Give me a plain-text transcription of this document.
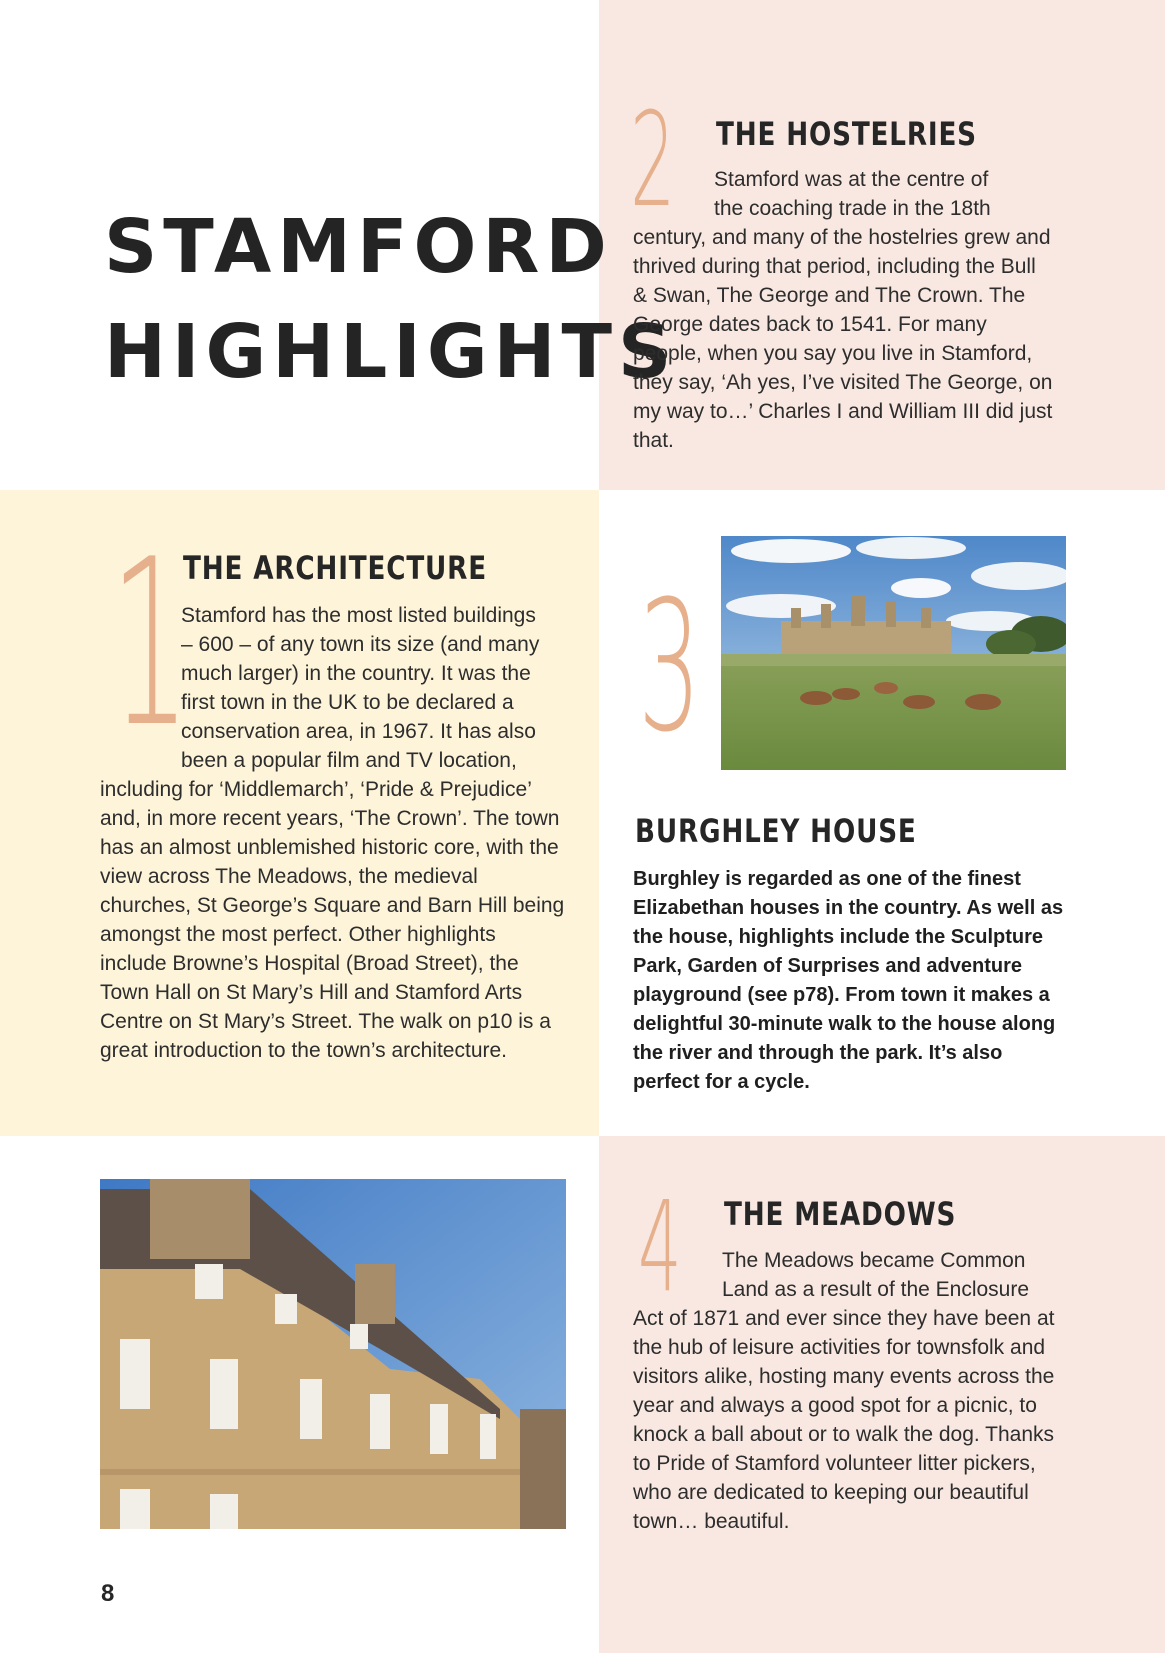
STAMFORD
HIGHLIGHTS
2 THE HOSTELRIES
Stamford was at the centre of
the coaching trade in the 18th

century, and many of the hostelries grew and thrived during that period, including the Bull & Swan, The George and The Crown. The George dates back to 1541. For many people, when you say you live in Stamford, they say, ‘Ah yes, I’ve visited The George, on my way to…’ Charles I and William III did just that.

1
THE ARCHITECTURE
Stamford has the most listed buildings
– 600 – of any town its size (and many
much larger) in the country. It was the
first town in the UK to be declared a
conservation area, in 1967. It has also
been a popular film and TV location,

including for ‘Middlemarch’, ‘Pride & Prejudice’ and, in more recent years, ‘The Crown’. The town has an almost unblemished historic core, with the view across The Meadows, the medieval churches, St George’s Square and Barn Hill being amongst the most perfect. Other highlights include Browne’s Hospital (Broad Street), the Town Hall on St Mary’s Hill and Stamford Arts Centre on St Mary’s Street. The walk on p10 is a great introduction to the town’s architecture.

3
BURGHLEY HOUSE

Burghley is regarded as one of the finest Elizabethan houses in the country. As well as the house, highlights include the Sculpture Park, Garden of Surprises and adventure playground (see p78). From town it makes a delightful 30-minute walk to the house along the river and through the park. It’s also perfect for a cycle.

4 THE MEADOWS
The Meadows became Common
Land as a result of the Enclosure

Act of 1871 and ever since they have been at the hub of leisure activities for townsfolk and visitors alike, hosting many events across the year and always a good spot for a picnic, to knock a ball about or to walk the dog. Thanks to Pride of Stamford volunteer litter pickers, who are dedicated to keeping our beautiful town… beautiful.

8
